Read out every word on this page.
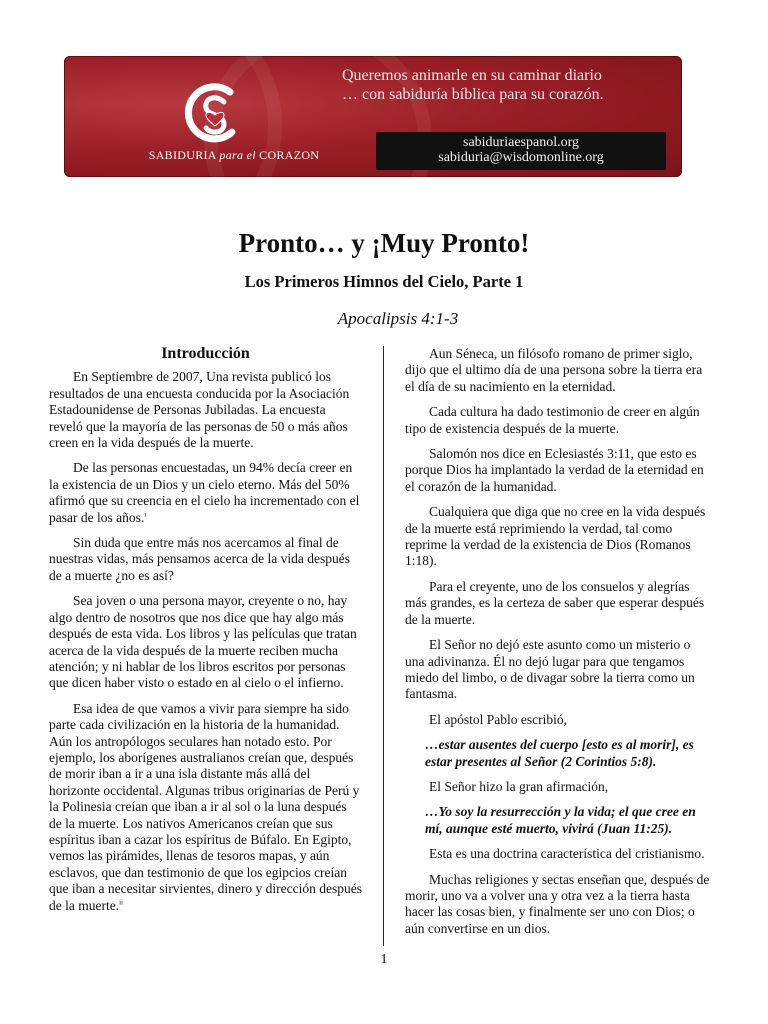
SABIDURIA para el CORAZON
Queremos animarle en su caminar diario
… con sabiduría bíblica para su corazón.
sabiduriaespanol.org
sabiduria@wisdomonline.org
Pronto… y ¡Muy Pronto!
Los Primeros Himnos del Cielo, Parte 1
Apocalipsis 4:1-3
Introducción

En Septiembre de 2007, Una revista publicó los resultados de una encuesta conducida por la Asociación Estadounidense de Personas Jubiladas. La encuesta reveló que la mayoría de las personas de 50 o más años creen en la vida después de la muerte.

De las personas encuestadas, un 94% decía creer en la existencia de un Dios y un cielo eterno. Más del 50% afirmó que su creencia en el cielo ha incrementado con el pasar de los años.$^i$

Sin duda que entre más nos acercamos al final de nuestras vidas, más pensamos acerca de la vida después de a muerte ¿no es así?

Sea joven o una persona mayor, creyente o no, hay algo dentro de nosotros que nos dice que hay algo más después de esta vida. Los libros y las películas que tratan acerca de la vida después de la muerte reciben mucha atención; y ni hablar de los libros escritos por personas que dicen haber visto o estado en al cielo o el infierno.

Esa idea de que vamos a vivir para siempre ha sido parte cada civilización en la historia de la humanidad. Aún los antropólogos seculares han notado esto. Por ejemplo, los aborígenes australianos creían que, después de morir iban a ir a una isla distante más allá del horizonte occidental. Algunas tribus originarias de Perú y la Polinesia creían que iban a ir al sol o la luna después de la muerte. Los nativos Americanos creían que sus espíritus iban a cazar los espíritus de Búfalo. En Egipto, vemos las pirámides, llenas de tesoros mapas, y aún esclavos, que dan testimonio de que los egipcios creían que iban a necesitar sirvientes, dinero y dirección después de la muerte.$^{ii}$

Aun Séneca, un filósofo romano de primer siglo, dijo que el ultimo día de una persona sobre la tierra era el día de su nacimiento en la eternidad.

Cada cultura ha dado testimonio de creer en algún tipo de existencia después de la muerte.

Salomón nos dice en Eclesiastés 3:11, que esto es porque Dios ha implantado la verdad de la eternidad en el corazón de la humanidad.

Cualquiera que diga que no cree en la vida después de la muerte está reprimiendo la verdad, tal como reprime la verdad de la existencia de Dios (Romanos 1:18).

Para el creyente, uno de los consuelos y alegrías más grandes, es la certeza de saber que esperar después de la muerte.

El Señor no dejó este asunto como un misterio o una adivinanza. Él no dejó lugar para que tengamos miedo del limbo, o de divagar sobre la tierra como un fantasma.

El apóstol Pablo escribió,

…estar ausentes del cuerpo [esto es al morir], es estar presentes al Señor (2 Corintios 5:8).

El Señor hizo la gran afirmación,

…Yo soy la resurrección y la vida; el que cree en mí, aunque esté muerto, vivirá (Juan 11:25).

Esta es una doctrina característica del cristianismo.

Muchas religiones y sectas enseñan que, después de morir, uno va a volver una y otra vez a la tierra hasta hacer las cosas bien, y finalmente ser uno con Dios; o aún convertirse en un dios.

1
